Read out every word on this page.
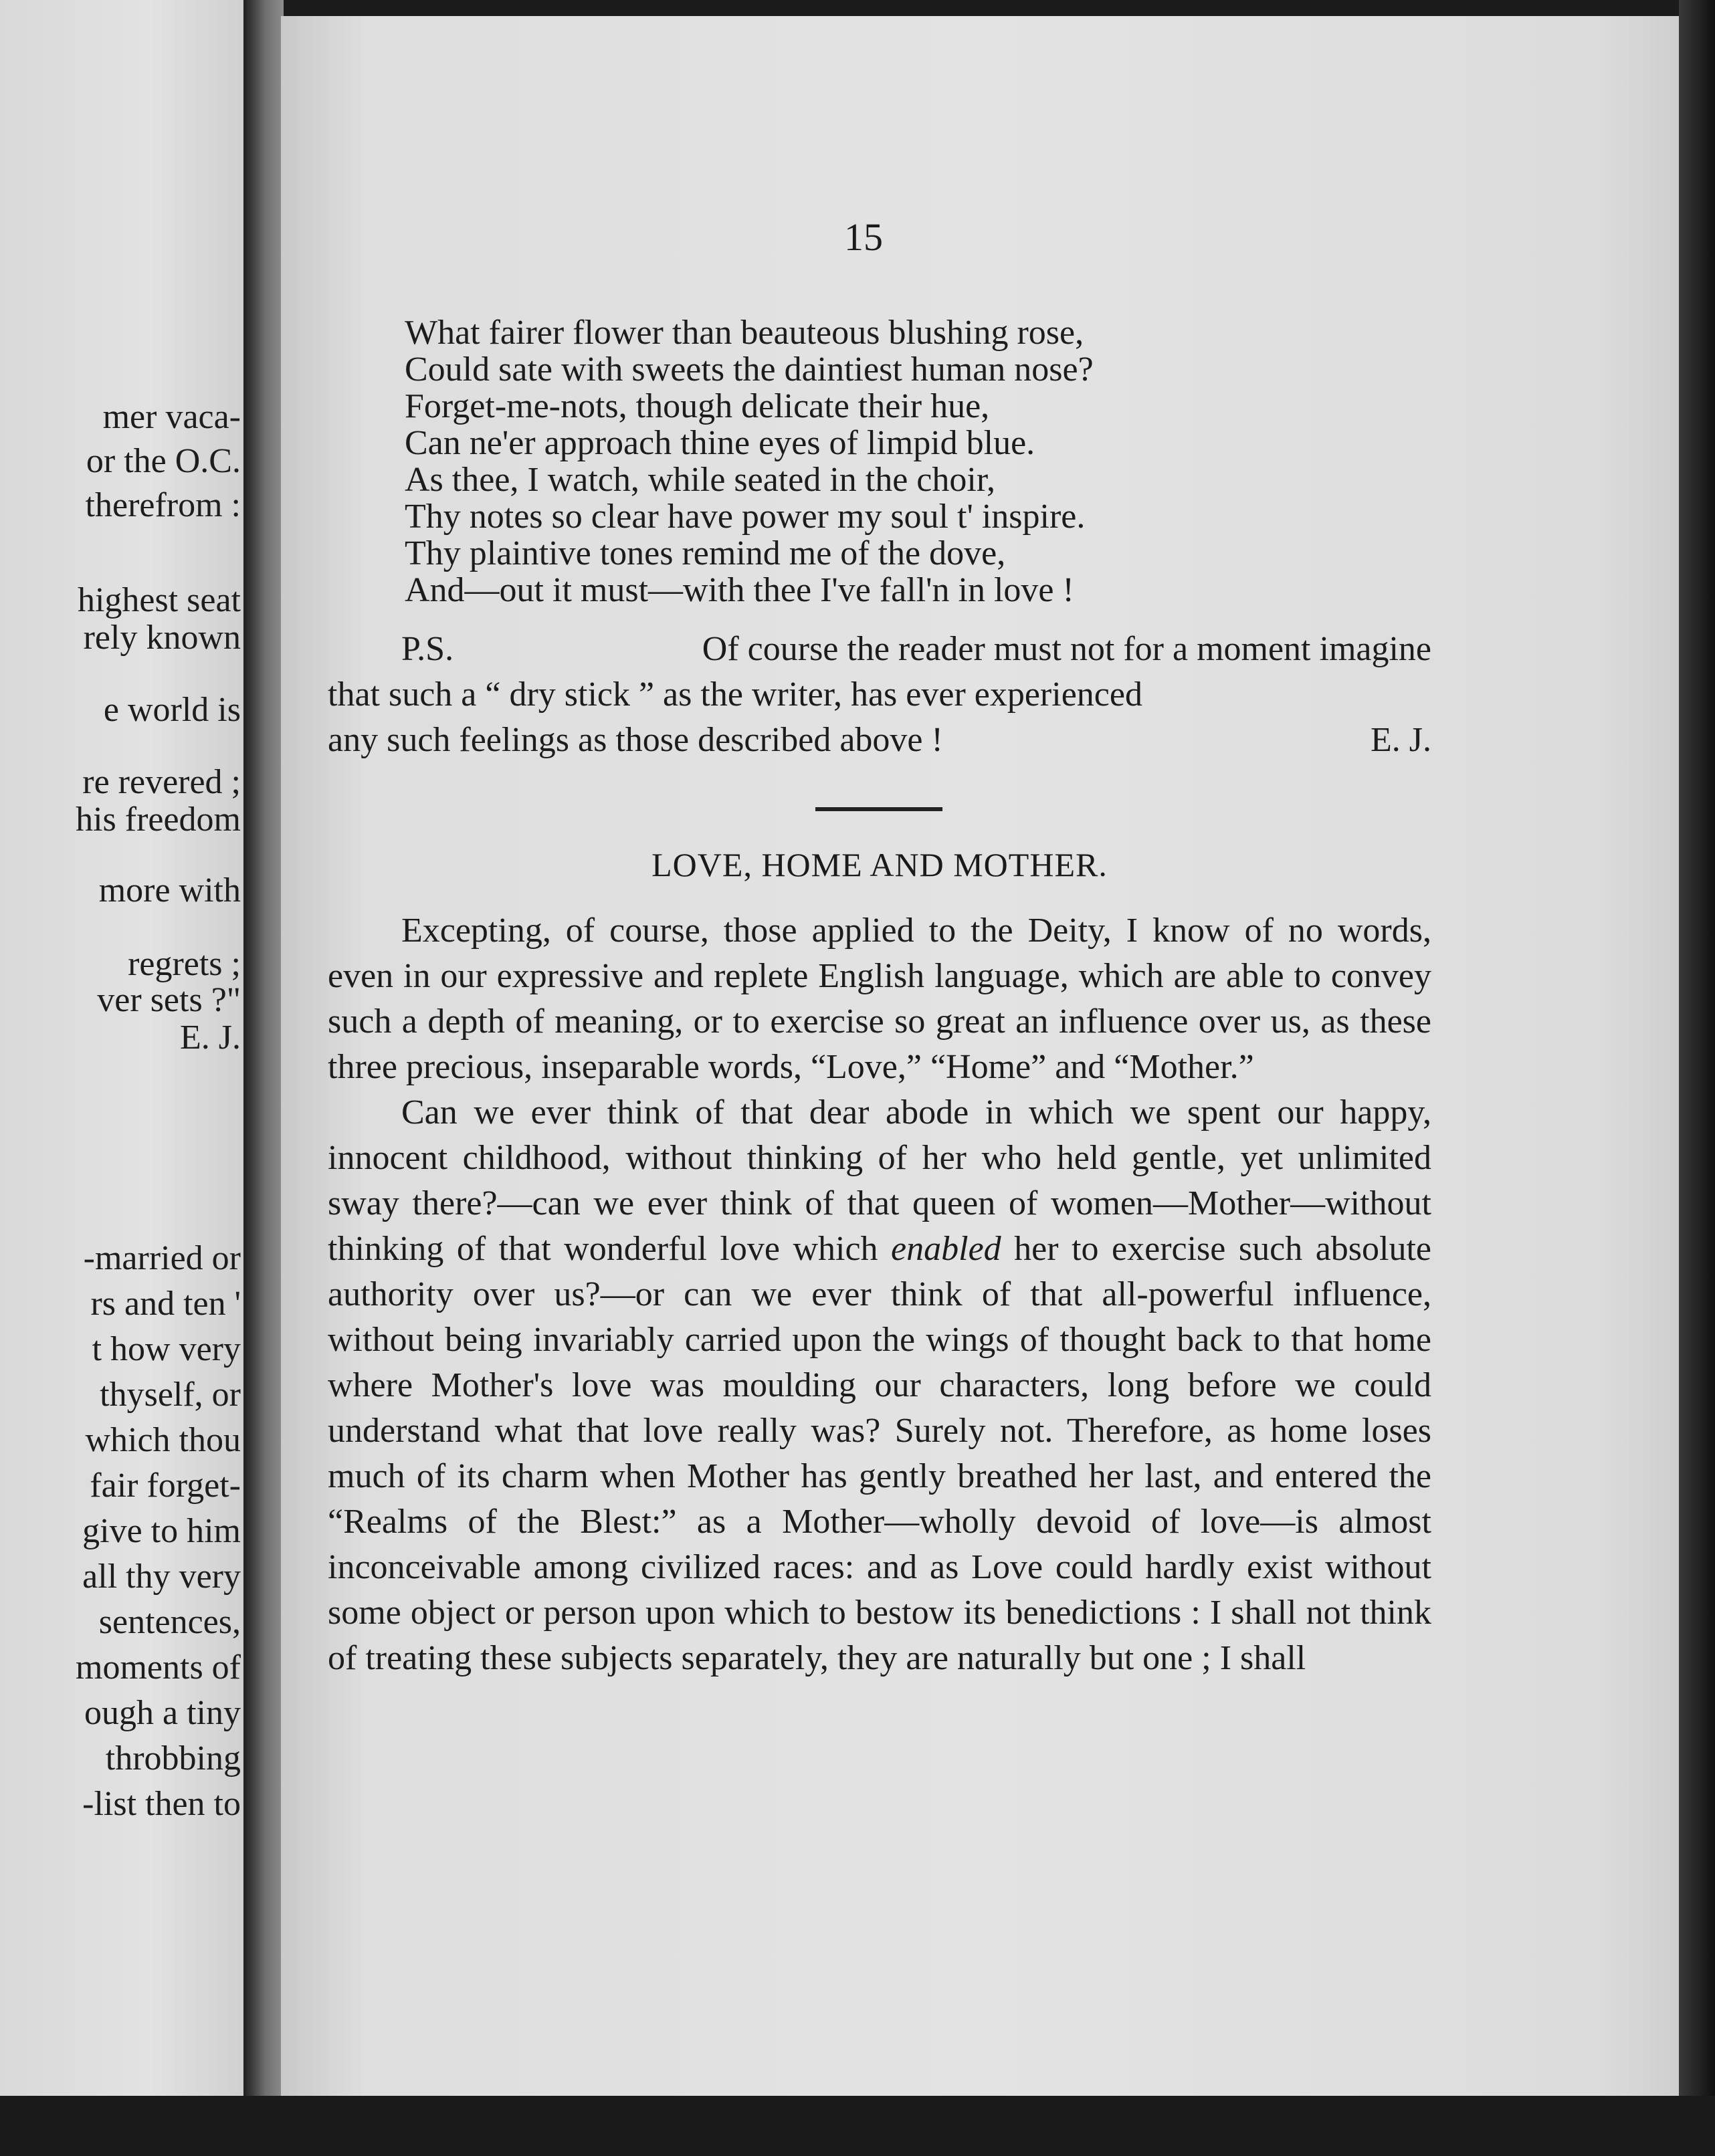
mer vaca-
or the O.C.
therefrom :
highest seat
rely known
e world is
re revered ;
his freedom
more with
regrets ;
ver sets ?"
E. J.
-married or
rs and ten '
t how very
thyself, or
which thou
fair forget-
give to him
all thy very
sentences,
moments of
ough a tiny
throbbing
-list then to
15
What fairer flower than beauteous blushing rose,
Could sate with sweets the daintiest human nose?
Forget-me-nots, though delicate their hue,
Can ne'er approach thine eyes of limpid blue.
As thee, I watch, while seated in the choir,
Thy notes so clear have power my soul t' inspire.
Thy plaintive tones remind me of the dove,
And—out it must—with thee I've fall'n in love !
P.S.	Of course the reader must not for a moment imagine
that such a “ dry stick ” as the writer, has ever experienced
any such feelings as those described above !	E. J.
LOVE, HOME AND MOTHER.

Excepting, of course, those applied to the Deity, I know of no words, even in our expressive and replete English language, which are able to convey such a depth of meaning, or to exercise so great an influence over us, as these three precious, inseparable words, “Love,” “Home” and “Mother.”

Can we ever think of that dear abode in which we spent our happy, innocent childhood, without thinking of her who held gentle, yet unlimited sway there?—can we ever think of that queen of women—Mother—without thinking of that wonderful love which enabled her to exercise such absolute authority over us?—or can we ever think of that all-powerful influence, without being invariably carried upon the wings of thought back to that home where Mother's love was moulding our characters, long before we could understand what that love really was? Surely not. Therefore, as home loses much of its charm when Mother has gently breathed her last, and entered the “Realms of the Blest:” as a Mother—wholly devoid of love—is almost inconceivable among civilized races: and as Love could hardly exist without some object or person upon which to bestow its benedictions : I shall not think of treating these subjects separately, they are naturally but one ; I shall
